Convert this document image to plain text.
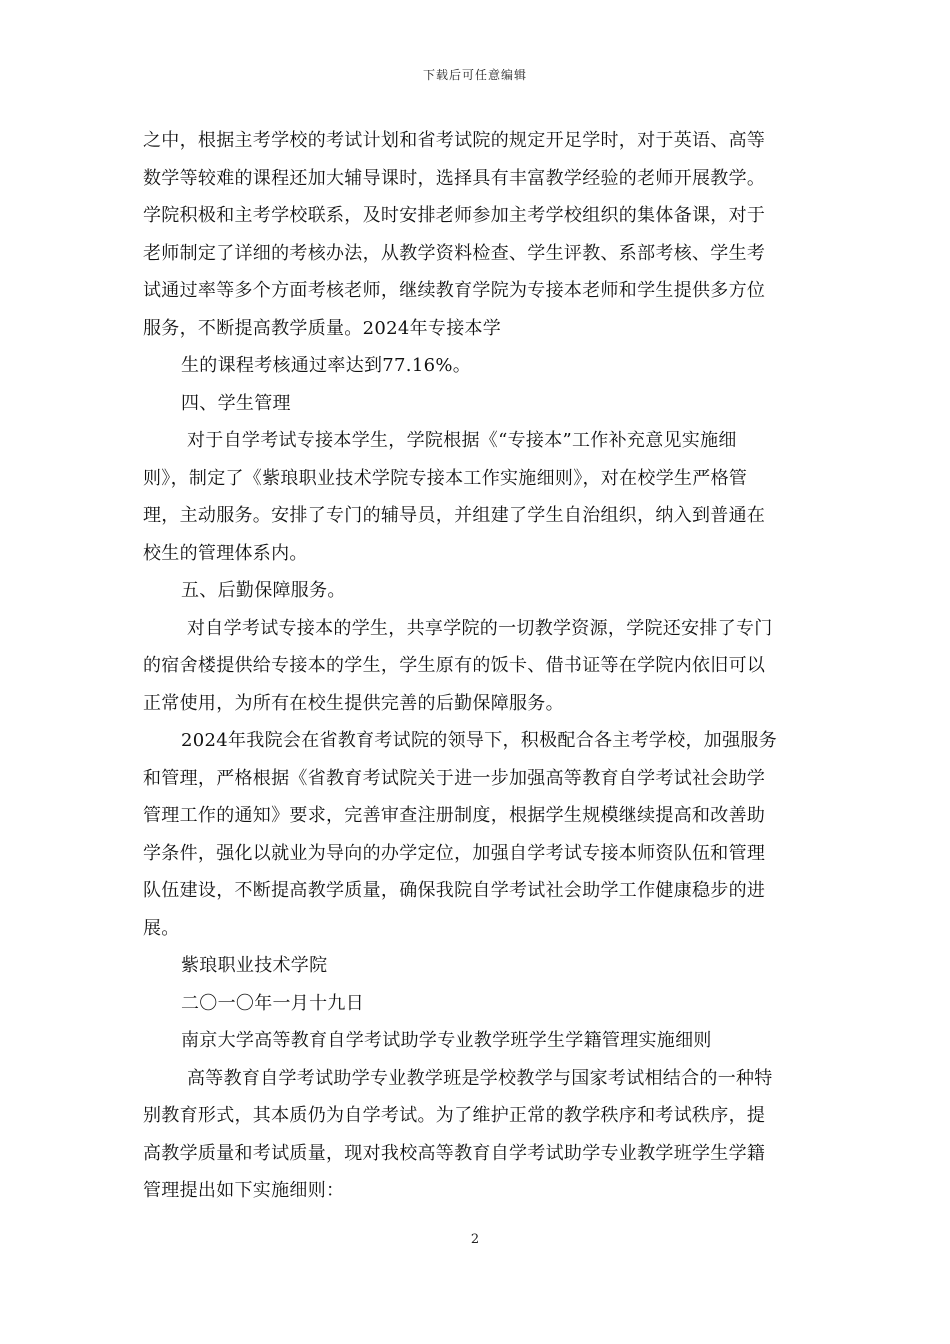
下载后可任意编辑
之中，根据主考学校的考试计划和省考试院的规定开足学时，对于英语、高等
数学等较难的课程还加大辅导课时，选择具有丰富教学经验的老师开展教学。
学院积极和主考学校联系，及时安排老师参加主考学校组织的集体备课，对于
老师制定了详细的考核办法，从教学资料检查、学生评教、系部考核、学生考
试通过率等多个方面考核老师，继续教育学院为专接本老师和学生提供多方位
服务，不断提高教学质量。2024年专接本学
生的课程考核通过率达到77.16%。
四、学生管理
对于自学考试专接本学生，学院根据《“专接本”工作补充意见实施细
则》，制定了《紫琅职业技术学院专接本工作实施细则》，对在校学生严格管
理，主动服务。安排了专门的辅导员，并组建了学生自治组织，纳入到普通在
校生的管理体系内。
五、后勤保障服务。
对自学考试专接本的学生，共享学院的一切教学资源，学院还安排了专门
的宿舍楼提供给专接本的学生，学生原有的饭卡、借书证等在学院内依旧可以
正常使用，为所有在校生提供完善的后勤保障服务。
2024年我院会在省教育考试院的领导下，积极配合各主考学校，加强服务
和管理，严格根据《省教育考试院关于进一步加强高等教育自学考试社会助学
管理工作的通知》要求，完善审查注册制度，根据学生规模继续提高和改善助
学条件，强化以就业为导向的办学定位，加强自学考试专接本师资队伍和管理
队伍建设，不断提高教学质量，确保我院自学考试社会助学工作健康稳步的进
展。
紫琅职业技术学院
二〇一〇年一月十九日
南京大学高等教育自学考试助学专业教学班学生学籍管理实施细则
高等教育自学考试助学专业教学班是学校教学与国家考试相结合的一种特
别教育形式，其本质仍为自学考试。为了维护正常的教学秩序和考试秩序，提
高教学质量和考试质量，现对我校高等教育自学考试助学专业教学班学生学籍
管理提出如下实施细则：
2
